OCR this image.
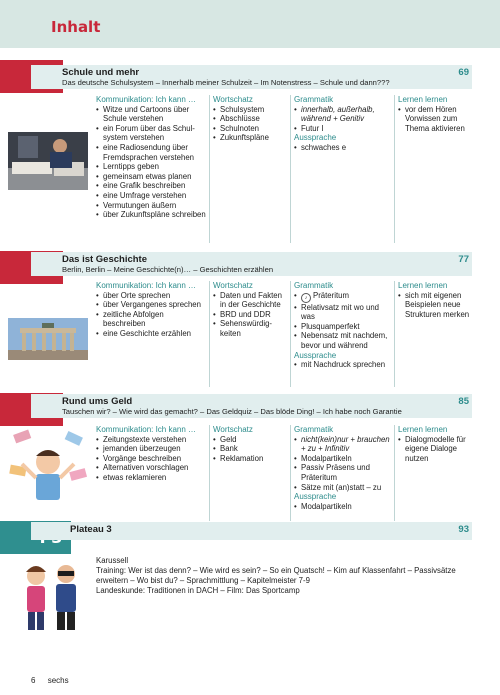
Inhalt
Schule und mehr
Das deutsche Schulsystem – Innerhalb meiner Schulzeit – Im Notenstress – Schule und dann???
69
Kommunikation: Ich kann …
• Witze und Cartoons über Schule verstehen
• ein Forum über das Schul-system verstehen
• eine Radiosendung über Fremdsprachen verstehen
• Lerntipps geben
• gemeinsam etwas planen
• eine Grafik beschreiben
• eine Umfrage verstehen
• Vermutungen äußern
• über Zukunftspläne schreiben
Wortschatz
• Schulsystem
• Abschlüsse
• Schulnoten
• Zukunftspläne
Grammatik
• innerhalb, außerhalb, während + Genitiv
• Futur I
Aussprache
• schwaches e
Lernen lernen
• vor dem Hören Vorwissen zum Thema aktivieren
Das ist Geschichte
Berlin, Berlin – Meine Geschichte(n)… – Geschichten erzählen
77
Kommunikation: Ich kann …
• über Orte sprechen
• über Vergangenes sprechen
• zeitliche Abfolgen beschreiben
• eine Geschichte erzählen
Wortschatz
• Daten und Fakten in der Geschichte
• BRD und DDR
• Sehenswürdig-keiten
Grammatik
• ♪ Präteritum
• Relativsatz mit wo und was
• Plusquamperfekt
• Nebensatz mit nachdem, bevor und während
Aussprache
• mit Nachdruck sprechen
Lernen lernen
• sich mit eigenen Beispielen neue Strukturen merken
Rund ums Geld
Tauschen wir? – Wie wird das gemacht? – Das Geldquiz – Das blöde Ding! – Ich habe noch Garantie
85
Kommunikation: Ich kann …
• Zeitungstexte verstehen
• jemanden überzeugen
• Vorgänge beschreiben
• Alternativen vorschlagen
• etwas reklamieren
Wortschatz
• Geld
• Bank
• Reklamation
Grammatik
• nicht(kein)nur + brauchen + zu + Infinitiv
• Modalpartikeln
• Passiv Präsens und Präteritum
• Sätze mit (an)statt – zu
Aussprache
• Modalpartikeln
Lernen lernen
• Dialogmodelle für eigene Dialoge nutzen
Plateau 3	93
Karussell
Training: Wer ist das denn? – Wie wird es sein? – So ein Quatsch! – Kim auf Klassenfahrt – Passivsätze erweitern – Wo bist du? – Sprachmittlung – Kapitelmeister 7-9
Landeskunde: Traditionen in DACH – Film: Das Sportcamp
6 sechs
